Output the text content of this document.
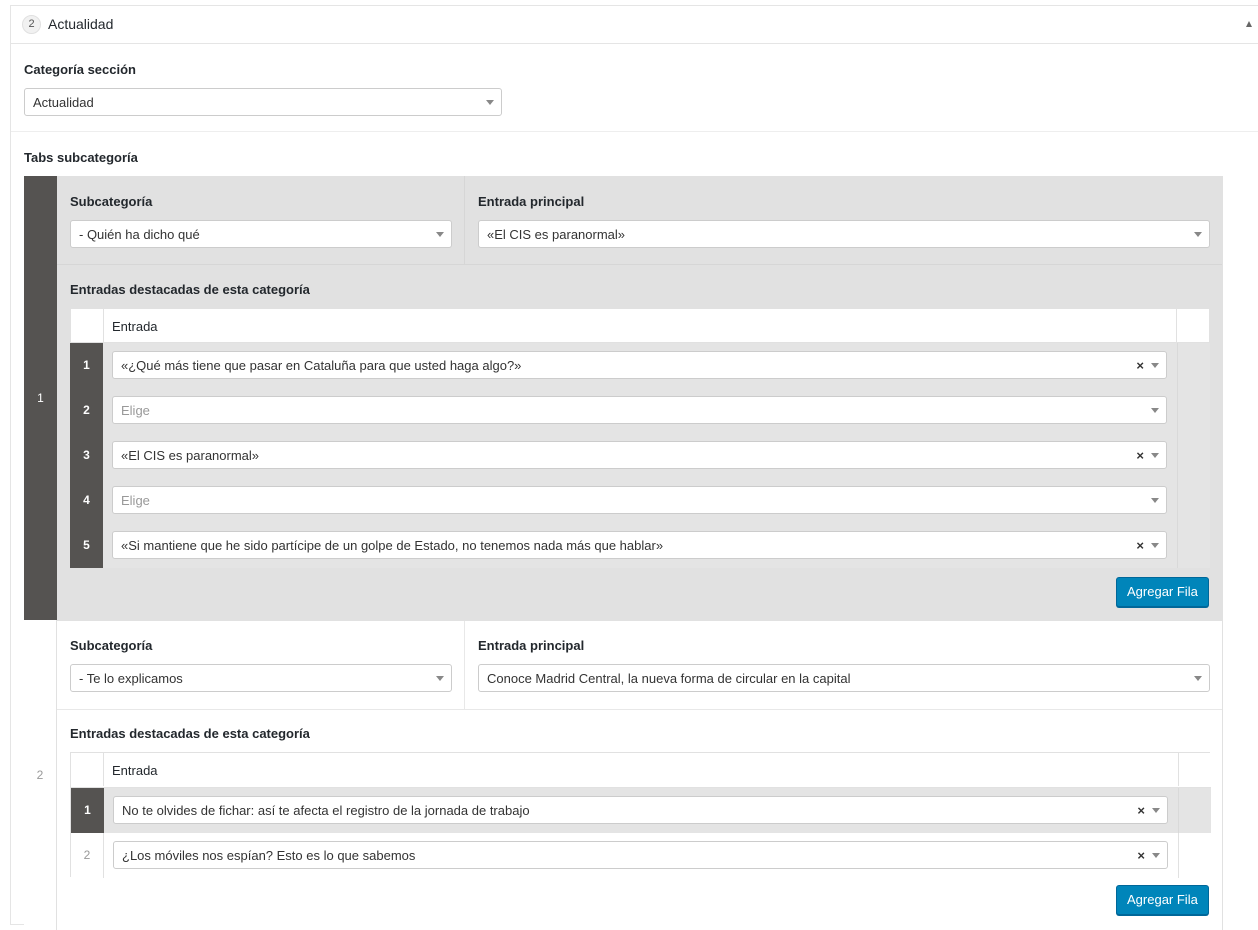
2 Actualidad
Categoría sección
Actualidad
Tabs subcategoría
1
Subcategoría
- Quién ha dicho qué
Entrada principal
«El CIS es paranormal»
Entradas destacadas de esta categoría
Entrada
1	«¿Qué más tiene que pasar en Cataluña para que usted haga algo?»	×
2	Elige
3	«El CIS es paranormal»	×
4	Elige
5	«Si mantiene que he sido partícipe de un golpe de Estado, no tenemos nada más que hablar»	×
Agregar Fila
2
Subcategoría
- Te lo explicamos
Entrada principal
Conoce Madrid Central, la nueva forma de circular en la capital
Entradas destacadas de esta categoría
Entrada
1	No te olvides de fichar: así te afecta el registro de la jornada de trabajo	×
2	¿Los móviles nos espían? Esto es lo que sabemos	×
Agregar Fila
